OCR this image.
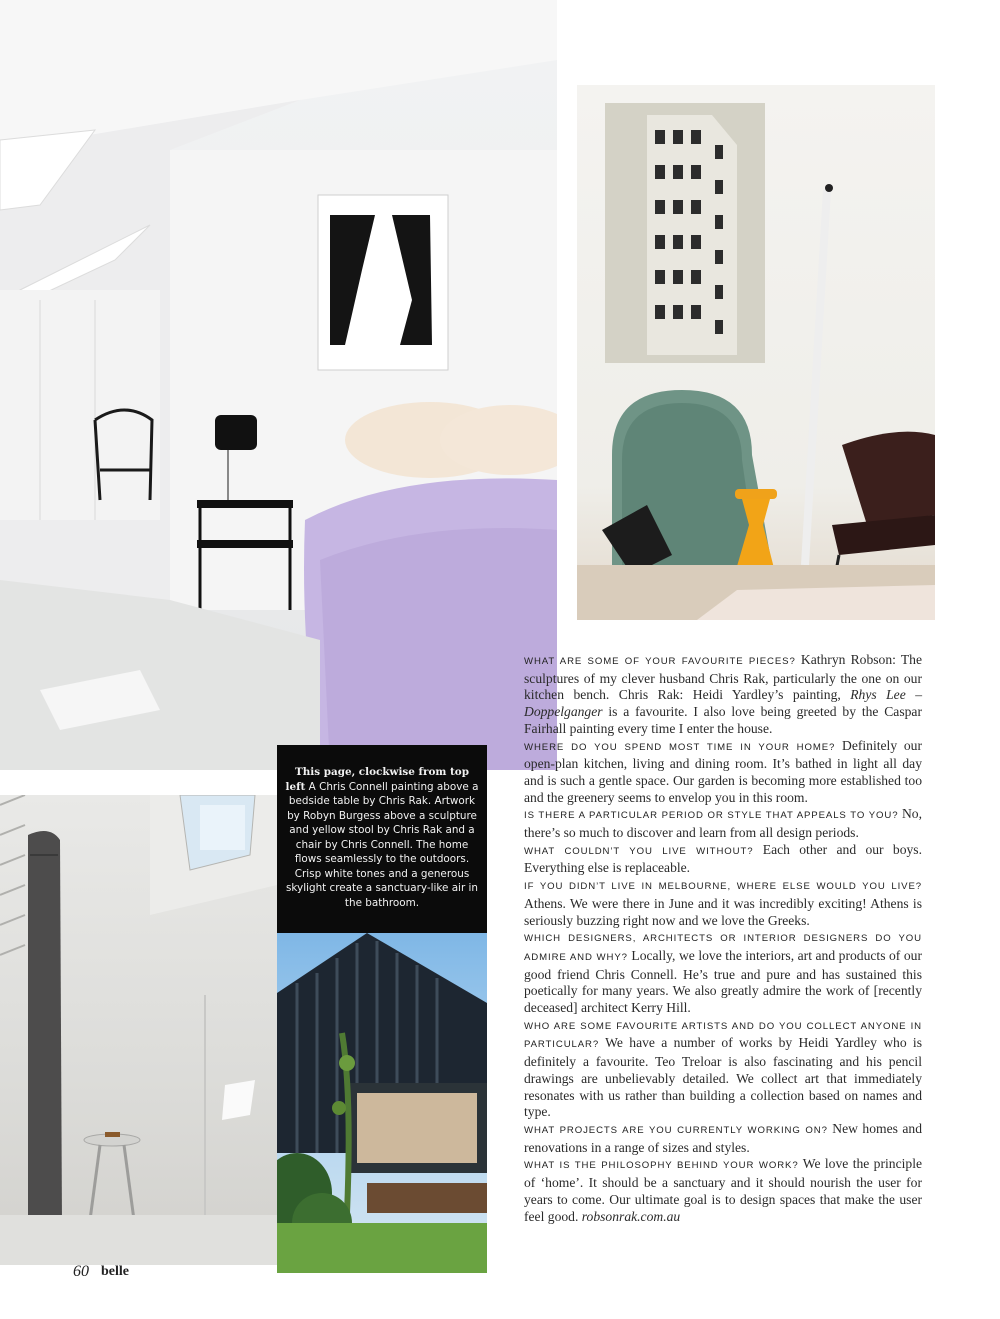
This page, clockwise from top left A Chris Connell painting above a bedside table by Chris Rak. Artwork by Robyn Burgess above a sculpture and yellow stool by Chris Rak and a chair by Chris Connell. The home flows seamlessly to the outdoors. Crisp white tones and a generous skylight create a sanctuary-like air in the bathroom.

WHAT ARE SOME OF YOUR FAVOURITE PIECES? Kathryn Robson: The sculptures of my clever husband Chris Rak, particularly the one on our kitchen bench. Chris Rak: Heidi Yardley’s painting, Rhys Lee – Doppelganger is a favourite. I also love being greeted by the Caspar Fairhall painting every time I enter the house.

WHERE DO YOU SPEND MOST TIME IN YOUR HOME? Definitely our open-plan kitchen, living and dining room. It’s bathed in light all day and is such a gentle space. Our garden is becoming more established too and the greenery seems to envelop you in this room.

IS THERE A PARTICULAR PERIOD OR STYLE THAT APPEALS TO YOU? No, there’s so much to discover and learn from all design periods.

WHAT COULDN’T YOU LIVE WITHOUT? Each other and our boys. Everything else is replaceable.

IF YOU DIDN’T LIVE IN MELBOURNE, WHERE ELSE WOULD YOU LIVE? Athens. We were there in June and it was incredibly exciting! Athens is seriously buzzing right now and we love the Greeks.

WHICH DESIGNERS, ARCHITECTS OR INTERIOR DESIGNERS DO YOU ADMIRE AND WHY? Locally, we love the interiors, art and products of our good friend Chris Connell. He’s true and pure and has sustained this poetically for many years. We also greatly admire the work of [recently deceased] architect Kerry Hill.

WHO ARE SOME FAVOURITE ARTISTS AND DO YOU COLLECT ANYONE IN PARTICULAR? We have a number of works by Heidi Yardley who is definitely a favourite. Teo Treloar is also fascinating and his pencil drawings are unbelievably detailed. We collect art that immediately resonates with us rather than building a collection based on names and type.

WHAT PROJECTS ARE YOU CURRENTLY WORKING ON? New homes and renovations in a range of sizes and styles.

WHAT IS THE PHILOSOPHY BEHIND YOUR WORK? We love the principle of ‘home’. It should be a sanctuary and it should nourish the user for years to come. Our ultimate goal is to design spaces that make the user feel good. robsonrak.com.au

60 belle
